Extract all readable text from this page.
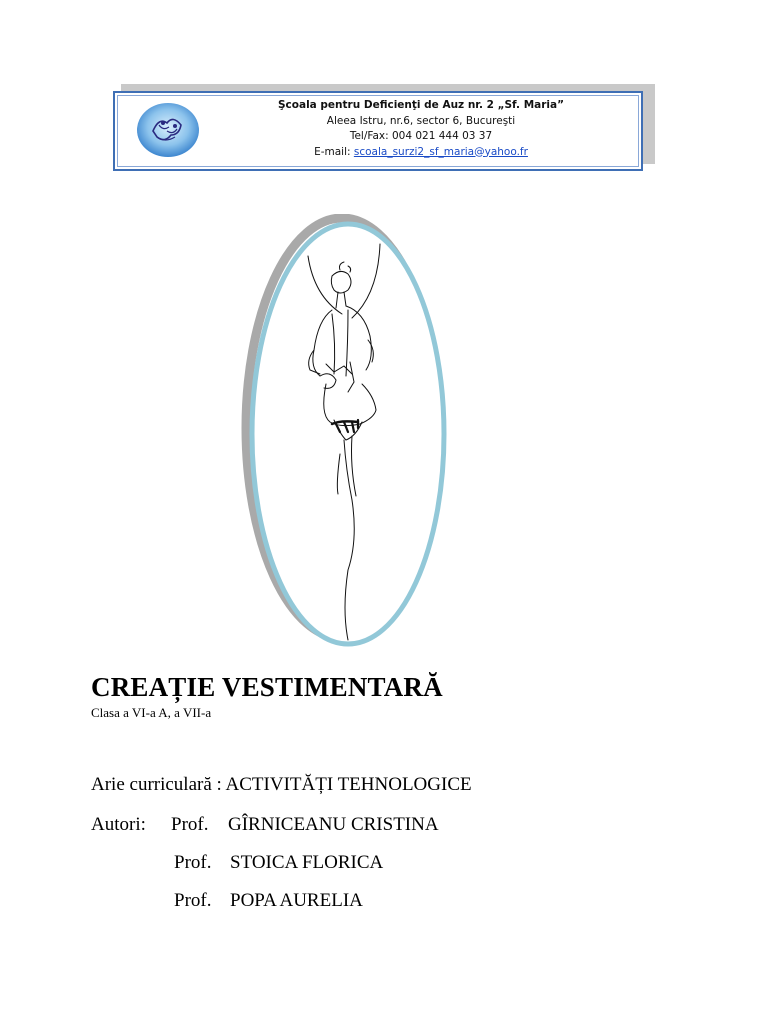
Şcoala pentru Deficienţi de Auz nr. 2 „Sf. Maria”
Aleea Istru, nr.6, sector 6, Bucureşti
Tel/Fax: 004 021 444 03 37
E-mail: scoala_surzi2_sf_maria@yahoo.fr
CREAȚIE VESTIMENTARĂ
Clasa a VI-a A, a VII-a
Arie curriculară : ACTIVITĂȚI TEHNOLOGICE
Autori: Prof. GÎRNICEANU CRISTINA
Prof. STOICA FLORICA
Prof. POPA AURELIA
